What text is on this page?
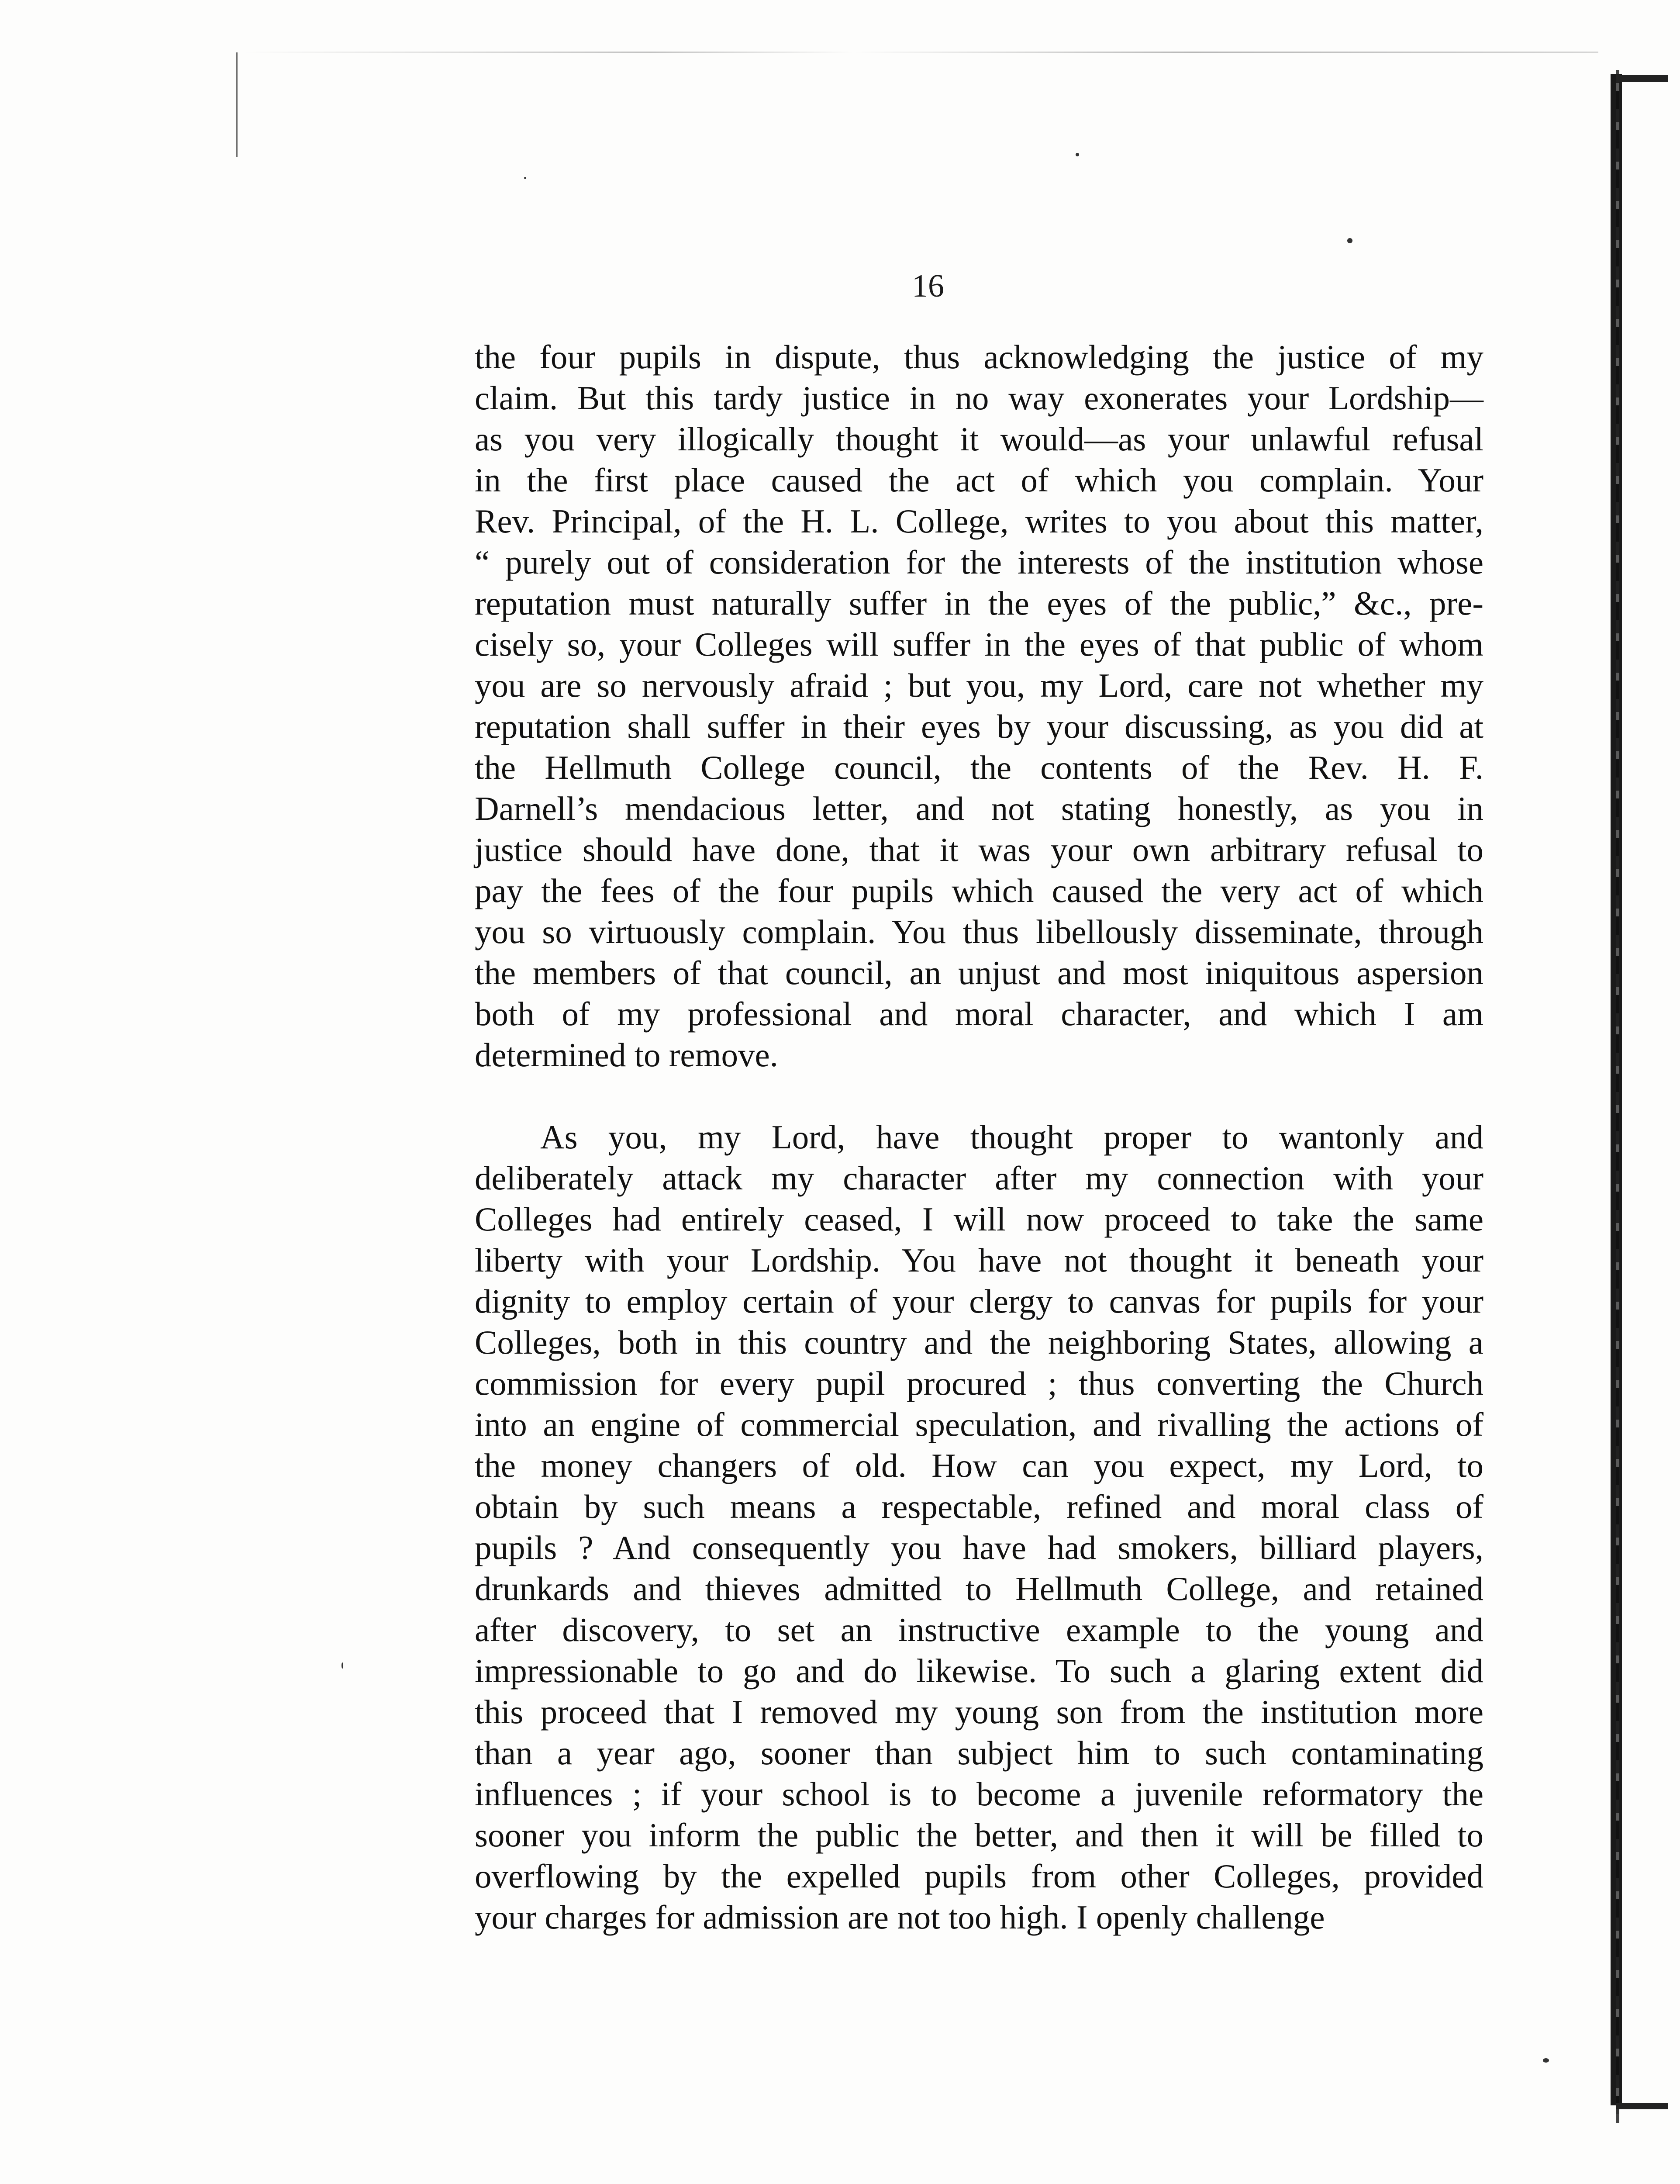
16
the four pupils in dispute, thus acknowledging the justice of my
claim. But this tardy justice in no way exonerates your Lordship—
as you very illogically thought it would—as your unlawful refusal
in the first place caused the act of which you complain. Your
Rev. Principal, of the H. L. College, writes to you about this matter,
“ purely out of consideration for the interests of the institution whose
reputation must naturally suffer in the eyes of the public,” &c., pre-
cisely so, your Colleges will suffer in the eyes of that public of whom
you are so nervously afraid ; but you, my Lord, care not whether my
reputation shall suffer in their eyes by your discussing, as you did at
the Hellmuth College council, the contents of the Rev. H. F.
Darnell’s mendacious letter, and not stating honestly, as you in
justice should have done, that it was your own arbitrary refusal to
pay the fees of the four pupils which caused the very act of which
you so virtuously complain. You thus libellously disseminate, through
the members of that council, an unjust and most iniquitous aspersion
both of my professional and moral character, and which I am
determined to remove.
As you, my Lord, have thought proper to wantonly and
deliberately attack my character after my connection with your
Colleges had entirely ceased, I will now proceed to take the same
liberty with your Lordship. You have not thought it beneath your
dignity to employ certain of your clergy to canvas for pupils for your
Colleges, both in this country and the neighboring States, allowing a
commission for every pupil procured ; thus converting the Church
into an engine of commercial speculation, and rivalling the actions of
the money changers of old. How can you expect, my Lord, to
obtain by such means a respectable, refined and moral class of
pupils ? And consequently you have had smokers, billiard players,
drunkards and thieves admitted to Hellmuth College, and retained
after discovery, to set an instructive example to the young and
impressionable to go and do likewise. To such a glaring extent did
this proceed that I removed my young son from the institution more
than a year ago, sooner than subject him to such contaminating
influences ; if your school is to become a juvenile reformatory the
sooner you inform the public the better, and then it will be filled to
overflowing by the expelled pupils from other Colleges, provided
your charges for admission are not too high. I openly challenge
